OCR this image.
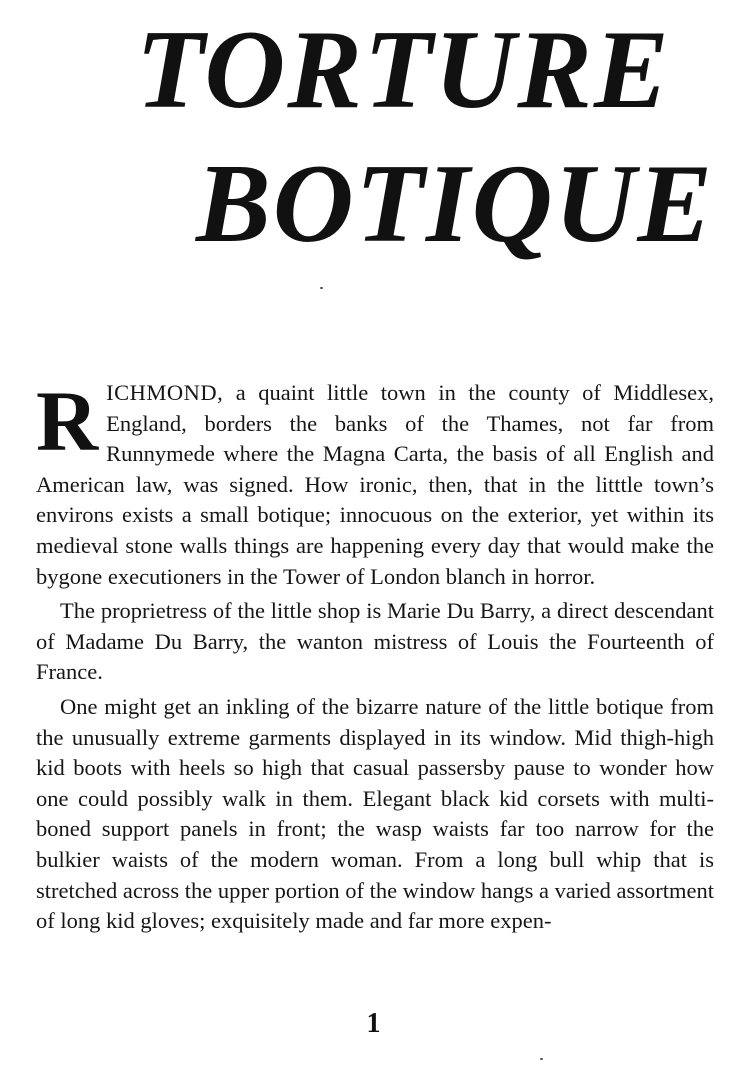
TORTURE
BOTIQUE

RICHMOND, a quaint little town in the county of Middlesex, England, borders the banks of the Thames, not far from Runnymede where the Magna Carta, the basis of all English and American law, was signed. How ironic, then, that in the litttle town’s environs exists a small botique; innocuous on the exterior, yet within its medieval stone walls things are happening every day that would make the bygone executioners in the Tower of London blanch in horror.

The proprietress of the little shop is Marie Du Barry, a direct descendant of Madame Du Barry, the wanton mistress of Louis the Fourteenth of France.

One might get an inkling of the bizarre nature of the little botique from the unusually extreme garments displayed in its window. Mid thigh-high kid boots with heels so high that casual passersby pause to wonder how one could possibly walk in them. Elegant black kid corsets with multi-boned support panels in front; the wasp waists far too narrow for the bulkier waists of the modern woman. From a long bull whip that is stretched across the upper portion of the window hangs a varied assortment of long kid gloves; exquisitely made and far more expen-

1
